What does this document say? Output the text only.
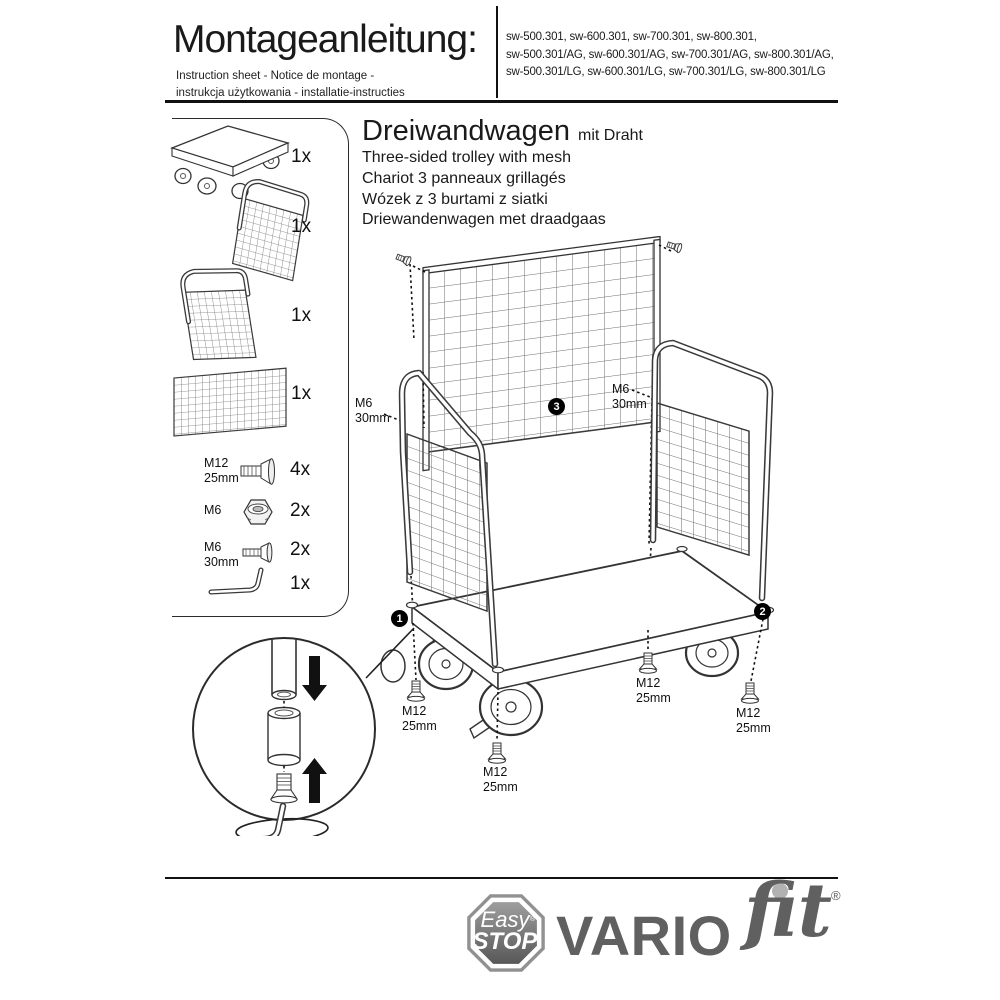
Montageanleitung:
Instruction sheet - Notice de montage -
instrukcja użytkowania - installatie-instructies
sw-500.301, sw-600.301, sw-700.301, sw-800.301,
sw-500.301/AG, sw-600.301/AG, sw-700.301/AG, sw-800.301/AG,
sw-500.301/LG, sw-600.301/LG, sw-700.301/LG, sw-800.301/LG
1x
1x
1x
1x
4x
2x
2x
1x
M12
25mm
M6
M6
30mm
Dreiwandwagen mit Draht
Three-sided trolley with mesh
Chariot 3 panneaux grillagés
Wózek z 3 burtami z siatki
Driewandenwagen met draadgaas
M6
30mm
M6
30mm
M12
25mm
M12
25mm
M12
25mm
M12
25mm
1
2
3
Easy ®
STOP VARIO fit ®
